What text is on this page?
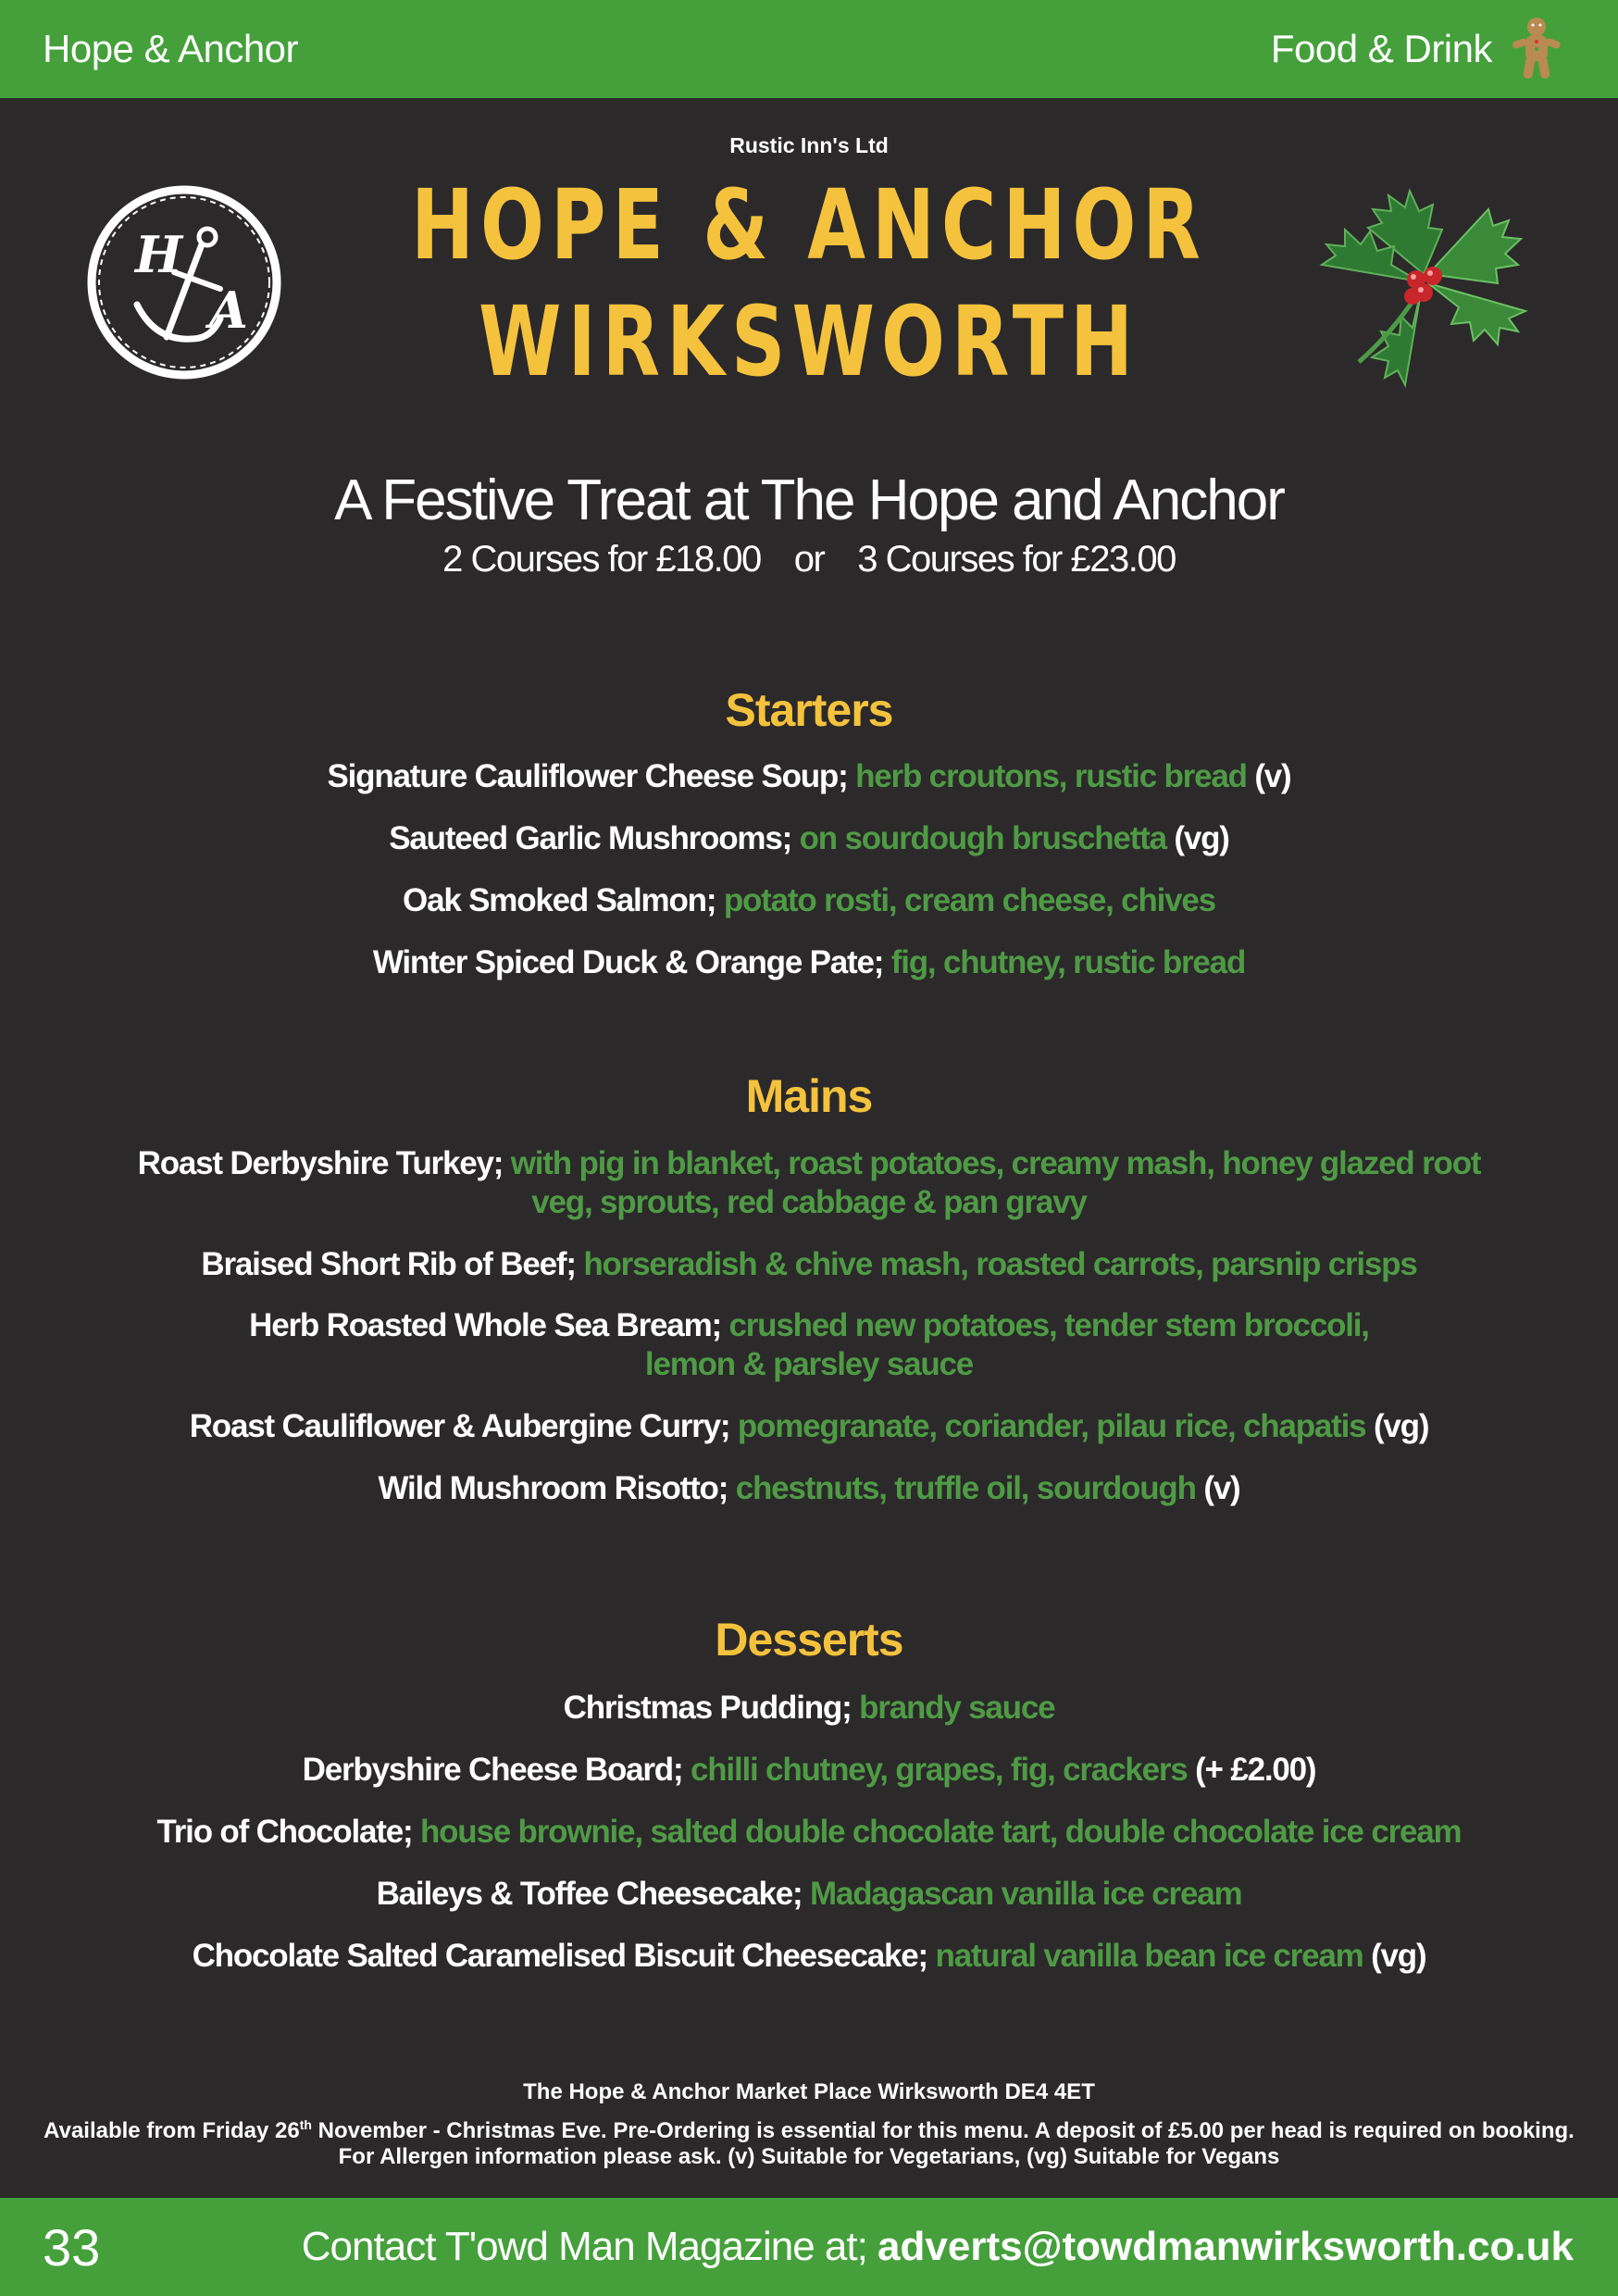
Hope & Anchor	Food & Drink
H
A
Rustic Inn's Ltd
HOPE & ANCHOR
WIRKSWORTH
A Festive Treat at The Hope and Anchor
2 Courses for £18.00 or 3 Courses for £23.00
Starters
Signature Cauliflower Cheese Soup; herb croutons, rustic bread (v)
Sauteed Garlic Mushrooms; on sourdough bruschetta (vg)
Oak Smoked Salmon; potato rosti, cream cheese, chives
Winter Spiced Duck & Orange Pate; fig, chutney, rustic bread
Mains
Roast Derbyshire Turkey; with pig in blanket, roast potatoes, creamy mash, honey glazed root
veg, sprouts, red cabbage & pan gravy
Braised Short Rib of Beef; horseradish & chive mash, roasted carrots, parsnip crisps
Herb Roasted Whole Sea Bream; crushed new potatoes, tender stem broccoli,
lemon & parsley sauce
Roast Cauliflower & Aubergine Curry; pomegranate, coriander, pilau rice, chapatis (vg)
Wild Mushroom Risotto; chestnuts, truffle oil, sourdough (v)
Desserts
Christmas Pudding; brandy sauce
Derbyshire Cheese Board; chilli chutney, grapes, fig, crackers (+ £2.00)
Trio of Chocolate; house brownie, salted double chocolate tart, double chocolate ice cream
Baileys & Toffee Cheesecake; Madagascan vanilla ice cream
Chocolate Salted Caramelised Biscuit Cheesecake; natural vanilla bean ice cream (vg)
The Hope & Anchor Market Place Wirksworth DE4 4ET
Available from Friday 26th November - Christmas Eve. Pre-Ordering is essential for this menu. A deposit of £5.00 per head is required on booking.
For Allergen information please ask. (v) Suitable for Vegetarians, (vg) Suitable for Vegans
33	Contact T'owd Man Magazine at; adverts@towdmanwirksworth.co.uk
